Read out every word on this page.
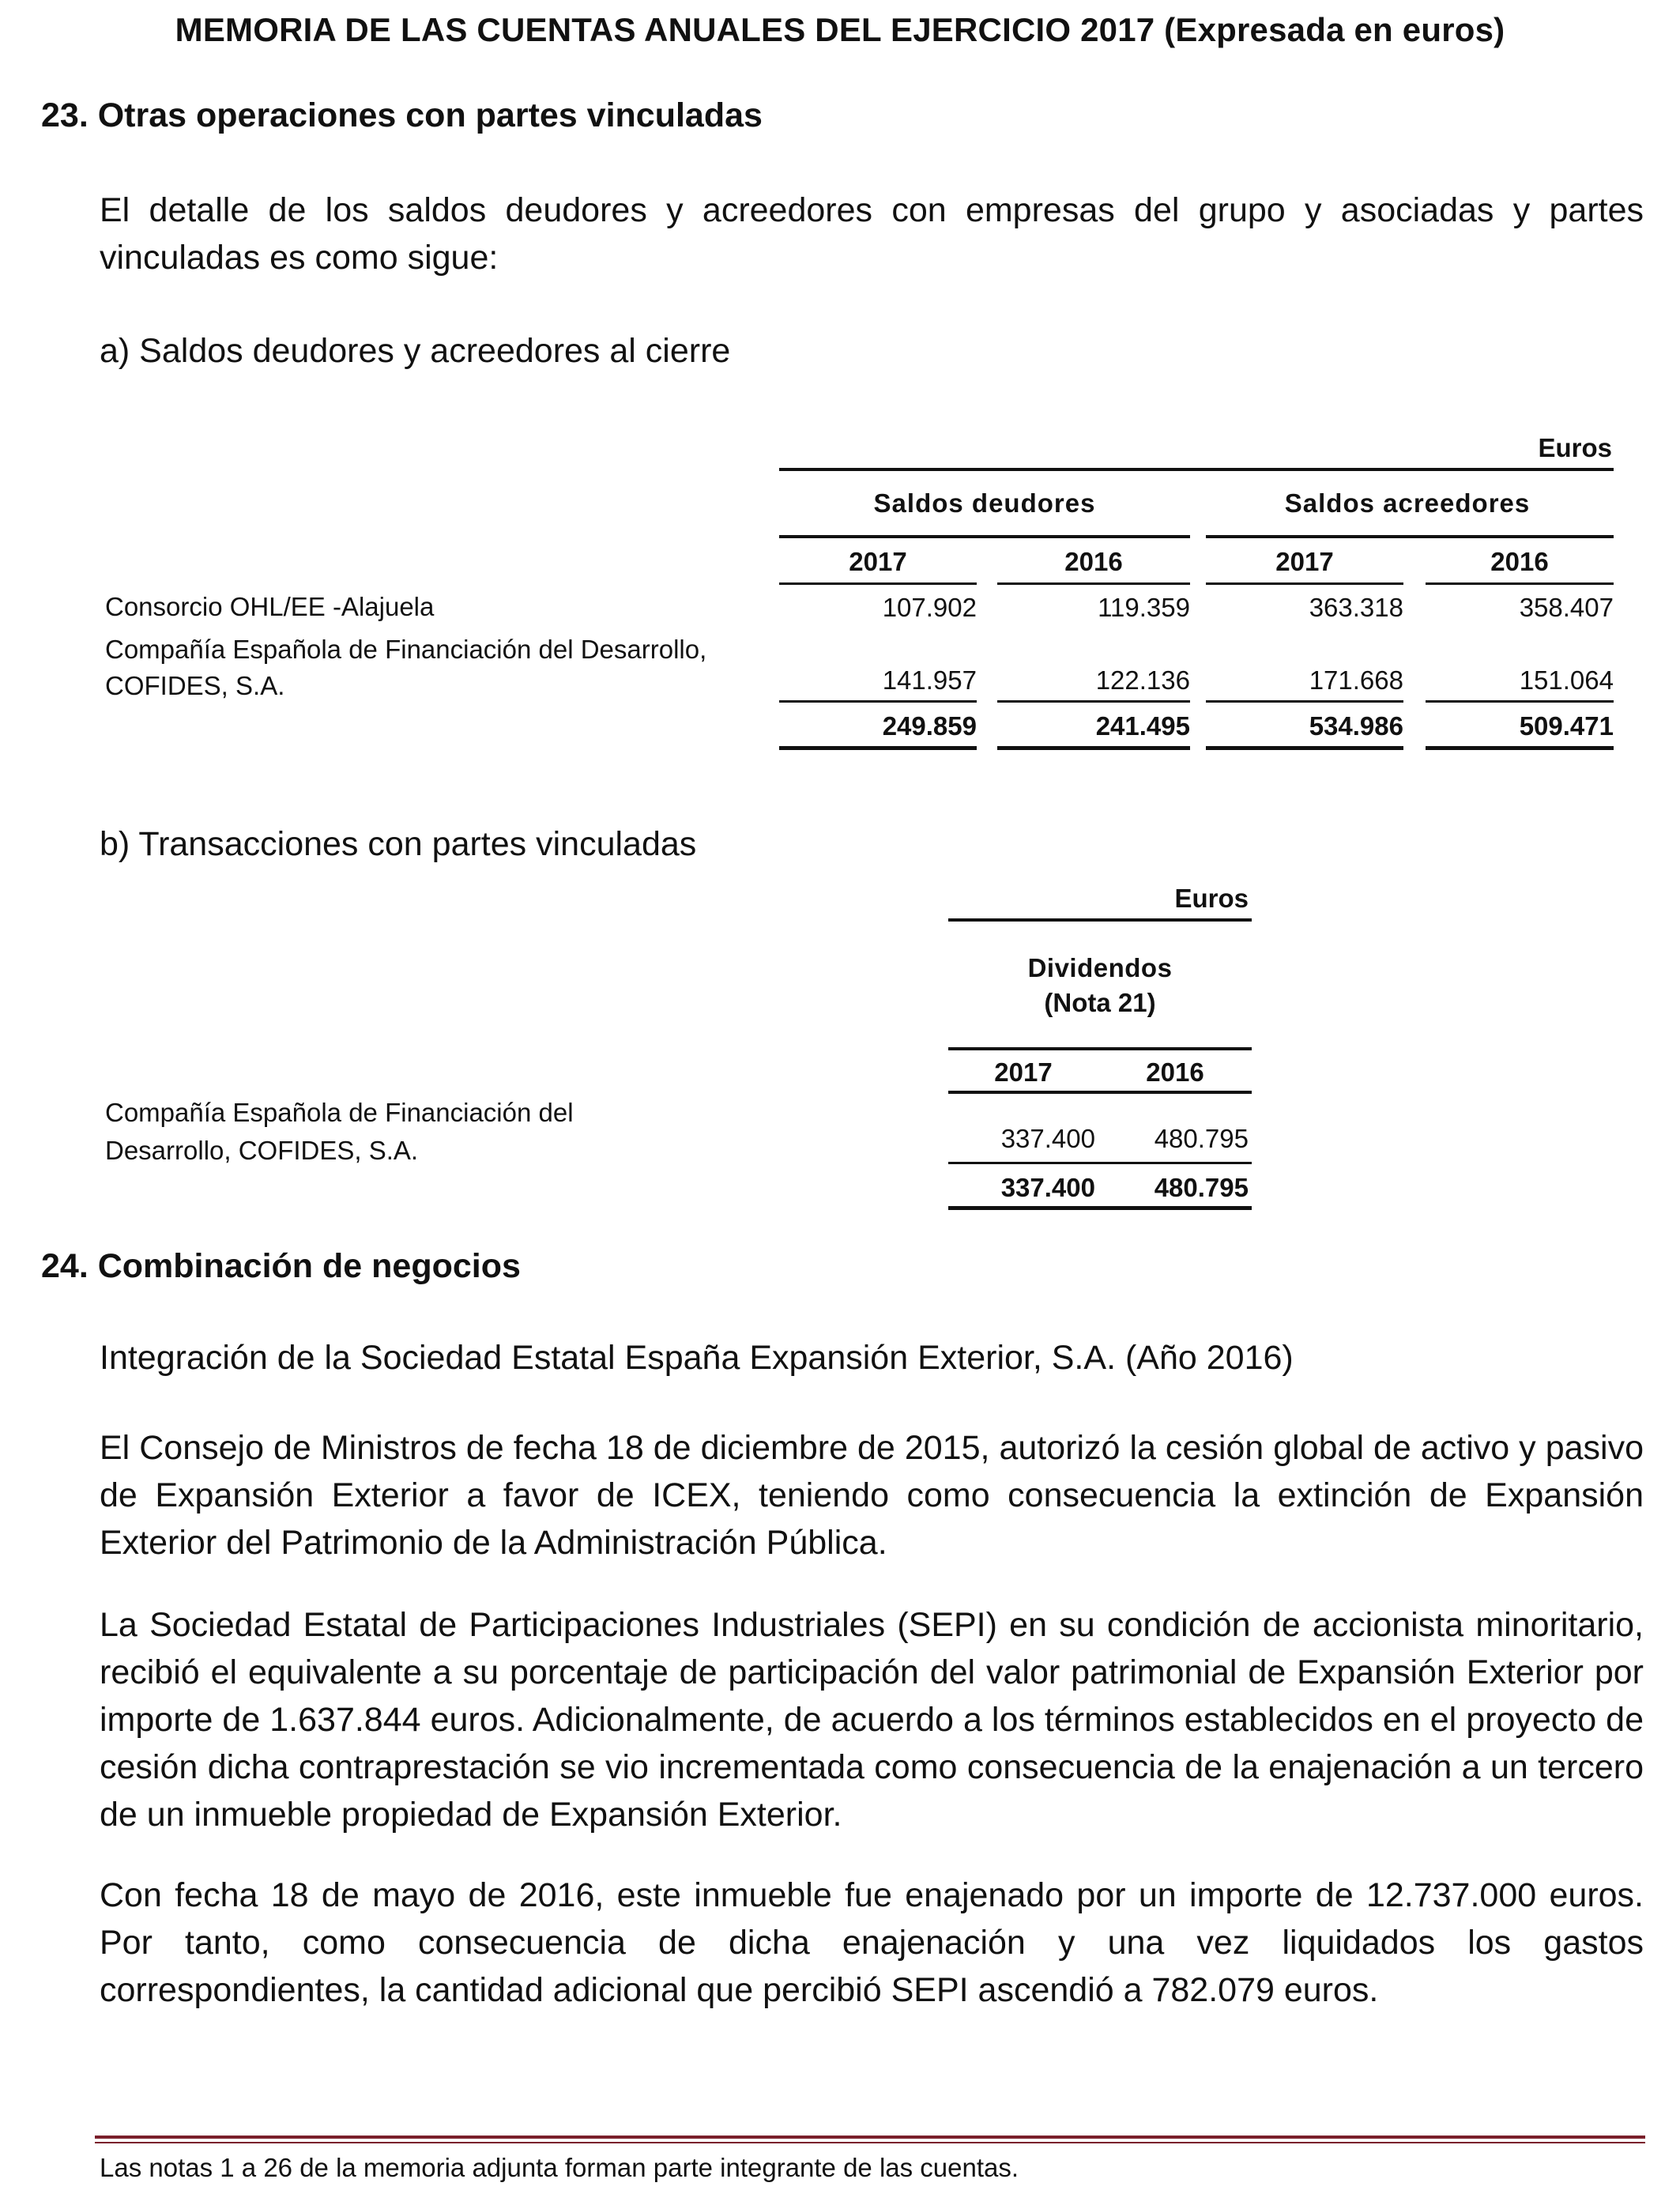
MEMORIA DE LAS CUENTAS ANUALES DEL EJERCICIO 2017 (Expresada en euros)
23. Otras operaciones con partes vinculadas

El detalle de los saldos deudores y acreedores con empresas del grupo y asociadas y partes vinculadas es como sigue:

a) Saldos deudores y acreedores al cierre
Euros
Saldos deudores	Saldos acreedores
2017	2016	2017	2016
Consorcio OHL/EE -Alajuela	107.902	119.359	363.318	358.407
Compañía Española de Financiación del Desarrollo,
COFIDES, S.A.	141.957	122.136	171.668	151.064
249.859	241.495	534.986	509.471
b) Transacciones con partes vinculadas
Euros
Dividendos
(Nota 21)
2017	2016
Compañía Española de Financiación del
Desarrollo, COFIDES, S.A.	337.400	480.795
337.400	480.795
24. Combinación de negocios
Integración de la Sociedad Estatal España Expansión Exterior, S.A. (Año 2016)

El Consejo de Ministros de fecha 18 de diciembre de 2015, autorizó la cesión global de activo y pasivo de Expansión Exterior a favor de ICEX, teniendo como consecuencia la extinción de Expansión Exterior del Patrimonio de la Administración Pública.

La Sociedad Estatal de Participaciones Industriales (SEPI) en su condición de accionista minoritario, recibió el equivalente a su porcentaje de participación del valor patrimonial de Expansión Exterior por importe de 1.637.844 euros. Adicionalmente, de acuerdo a los términos establecidos en el proyecto de cesión dicha contraprestación se vio incrementada como consecuencia de la enajenación a un tercero de un inmueble propiedad de Expansión Exterior.

Con fecha 18 de mayo de 2016, este inmueble fue enajenado por un importe de 12.737.000 euros. Por tanto, como consecuencia de dicha enajenación y una vez liquidados los gastos correspondientes, la cantidad adicional que percibió SEPI ascendió a 782.079 euros.

Las notas 1 a 26 de la memoria adjunta forman parte integrante de las cuentas.
